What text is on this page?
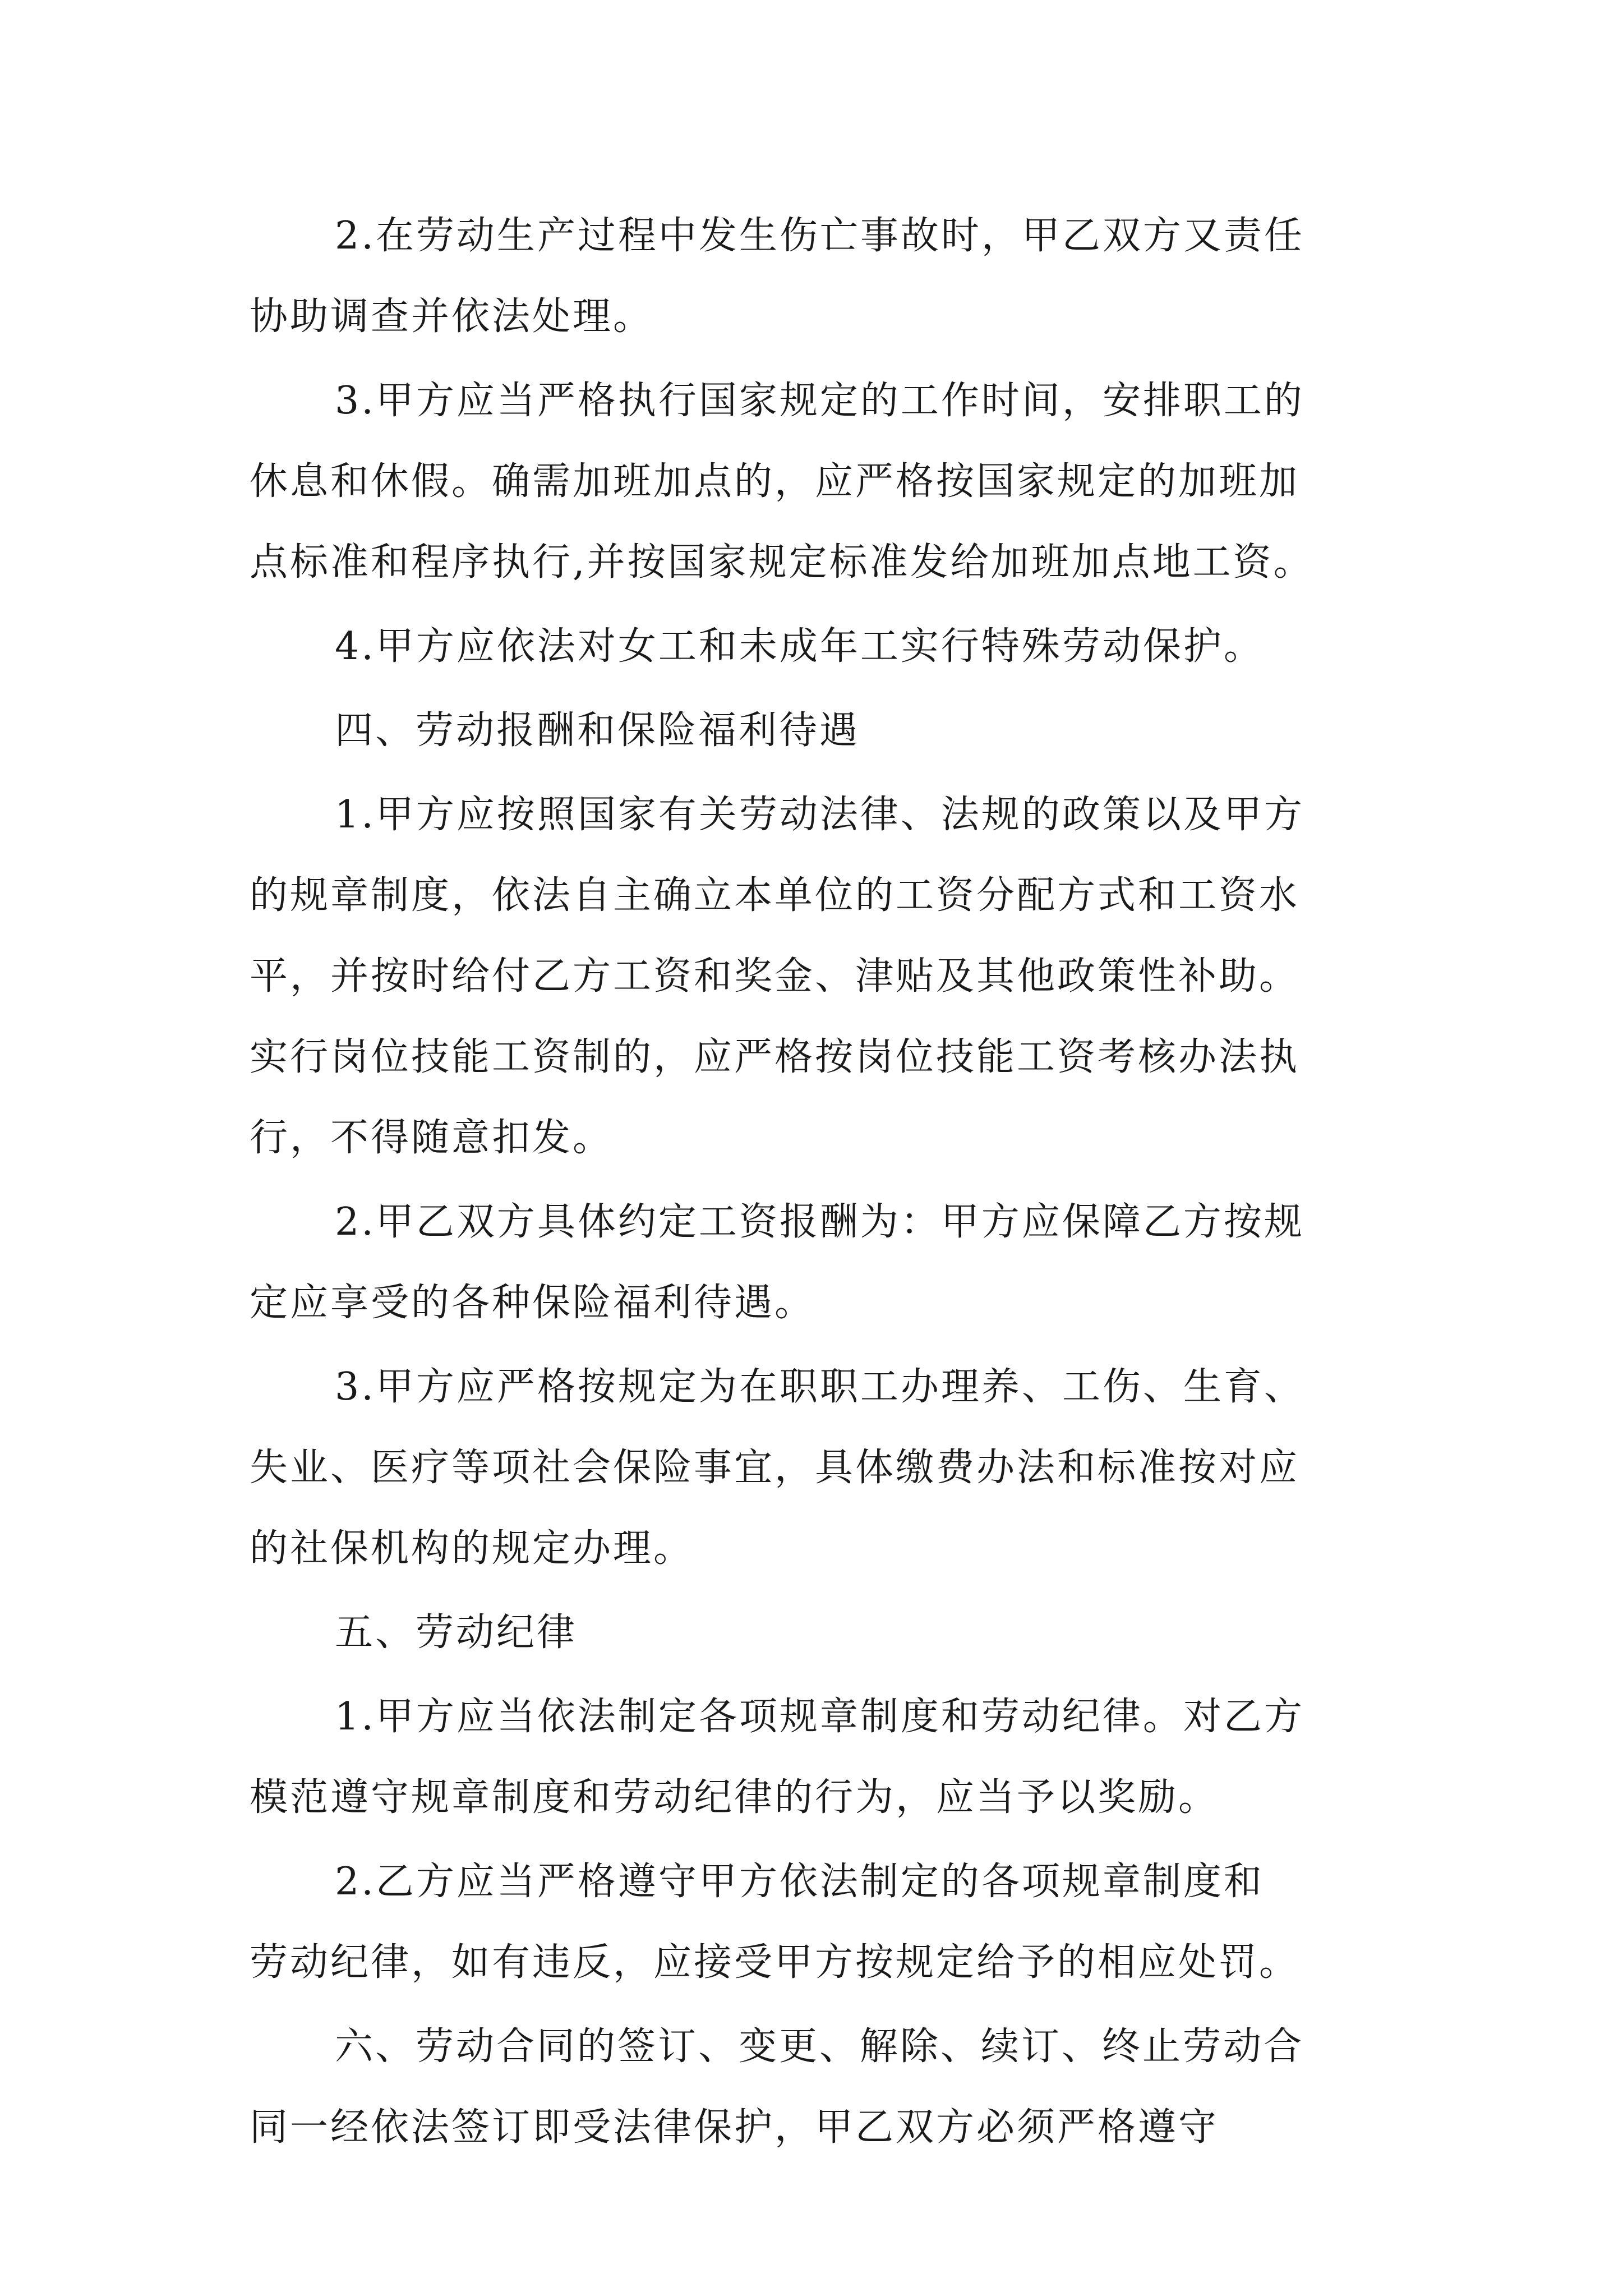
2.在劳动生产过程中发生伤亡事故时，甲乙双方又责任

协助调查并依法处理。

3.甲方应当严格执行国家规定的工作时间，安排职工的

休息和休假。确需加班加点的，应严格按国家规定的加班加

点标准和程序执行,并按国家规定标准发给加班加点地工资。

4.甲方应依法对女工和未成年工实行特殊劳动保护。

四、劳动报酬和保险福利待遇

1.甲方应按照国家有关劳动法律、法规的政策以及甲方

的规章制度，依法自主确立本单位的工资分配方式和工资水

平，并按时给付乙方工资和奖金、津贴及其他政策性补助。

实行岗位技能工资制的，应严格按岗位技能工资考核办法执

行，不得随意扣发。

2.甲乙双方具体约定工资报酬为：甲方应保障乙方按规

定应享受的各种保险福利待遇。

3.甲方应严格按规定为在职职工办理养、工伤、生育、

失业、医疗等项社会保险事宜，具体缴费办法和标准按对应

的社保机构的规定办理。

五、劳动纪律

1.甲方应当依法制定各项规章制度和劳动纪律。对乙方

模范遵守规章制度和劳动纪律的行为，应当予以奖励。

2.乙方应当严格遵守甲方依法制定的各项规章制度和

劳动纪律，如有违反，应接受甲方按规定给予的相应处罚。

六、劳动合同的签订、变更、解除、续订、终止劳动合

同一经依法签订即受法律保护，甲乙双方必须严格遵守
